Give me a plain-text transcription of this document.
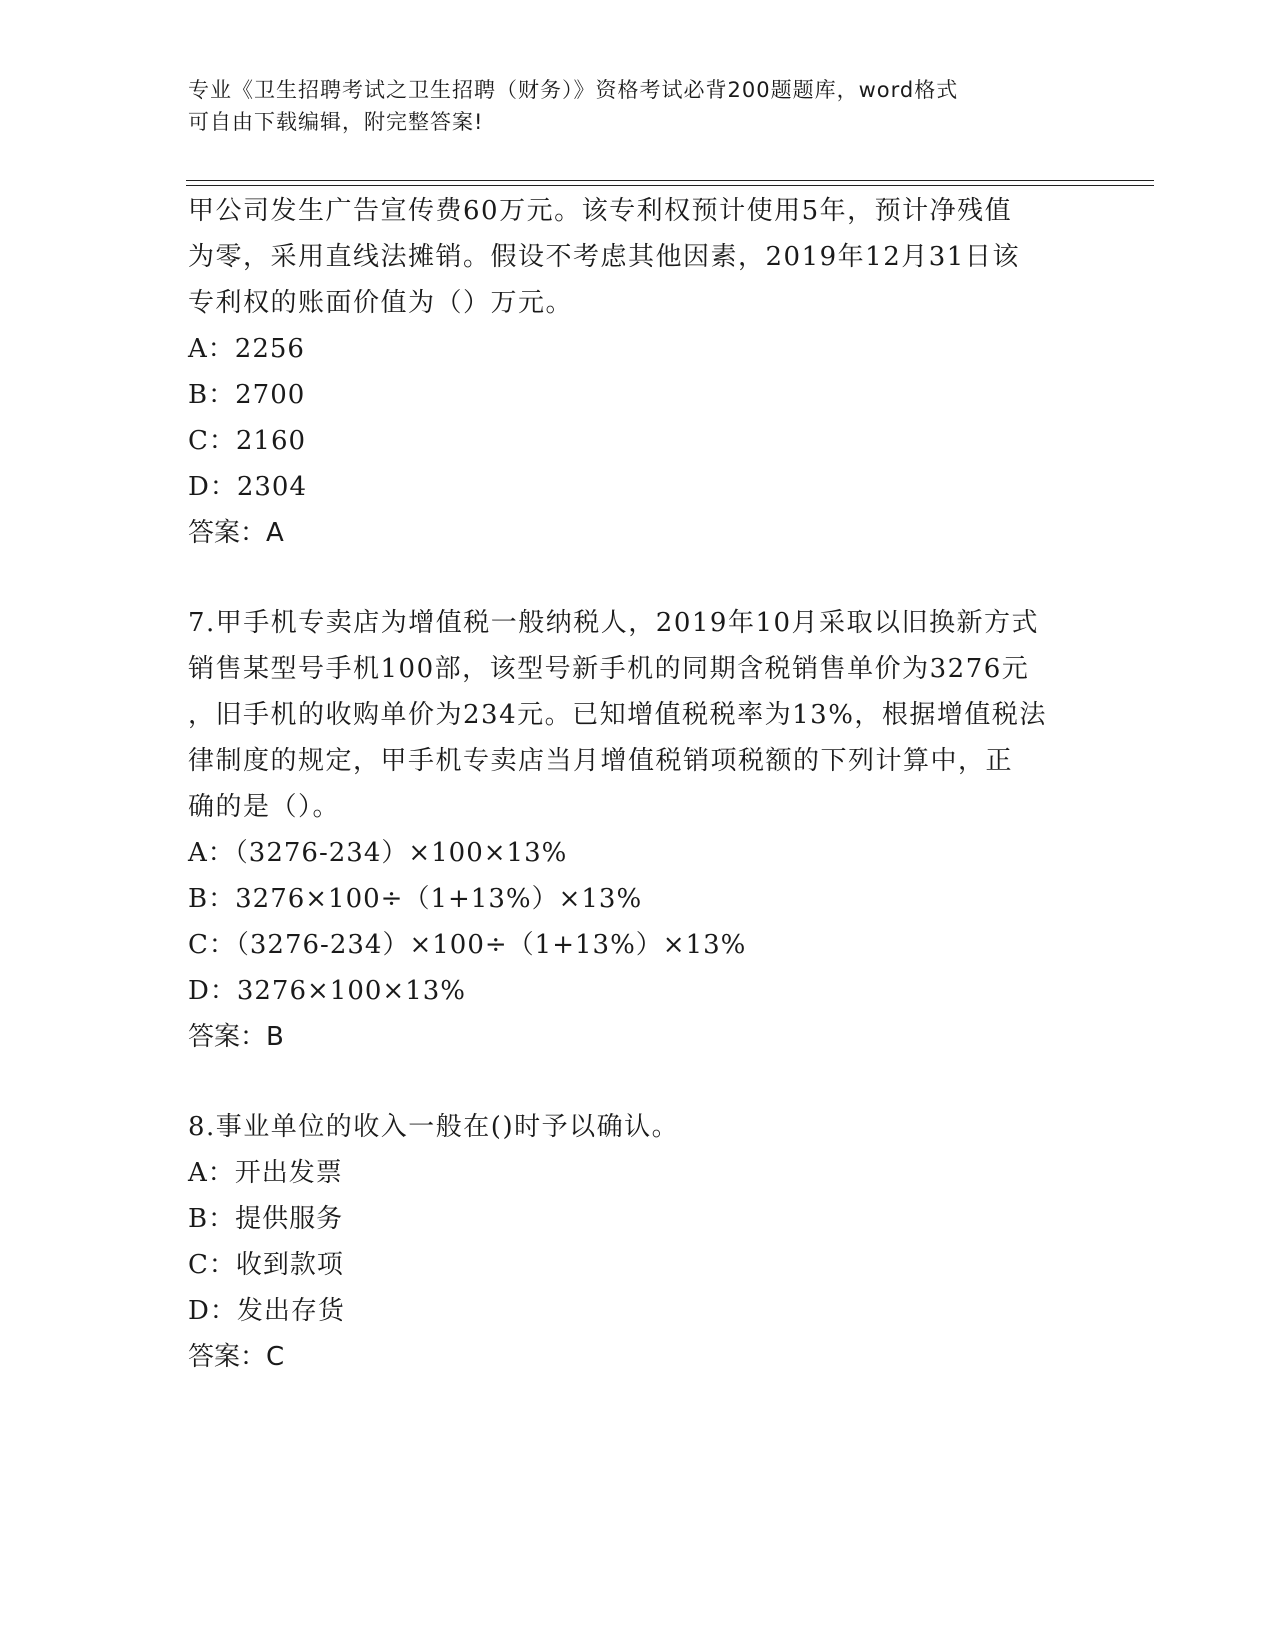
专业《卫生招聘考试之卫生招聘（财务）》资格考试必背200题题库，word格式
可自由下载编辑，附完整答案!
甲公司发生广告宣传费60万元。该专利权预计使用5年，预计净残值
为零，采用直线法摊销。假设不考虑其他因素，2019年12月31日该
专利权的账面价值为（）万元。
A：2256
B：2700
C：2160
D：2304
答案：A
7.甲手机专卖店为增值税一般纳税人，2019年10月采取以旧换新方式
销售某型号手机100部，该型号新手机的同期含税销售单价为3276元
，旧手机的收购单价为234元。已知增值税税率为13%，根据增值税法
律制度的规定，甲手机专卖店当月增值税销项税额的下列计算中，正
确的是（）。
A：（3276-234）×100×13%
B：3276×100÷（1+13%）×13%
C：（3276-234）×100÷（1+13%）×13%
D：3276×100×13%
答案：B
8.事业单位的收入一般在()时予以确认。
A：开出发票
B：提供服务
C：收到款项
D：发出存货
答案：C
